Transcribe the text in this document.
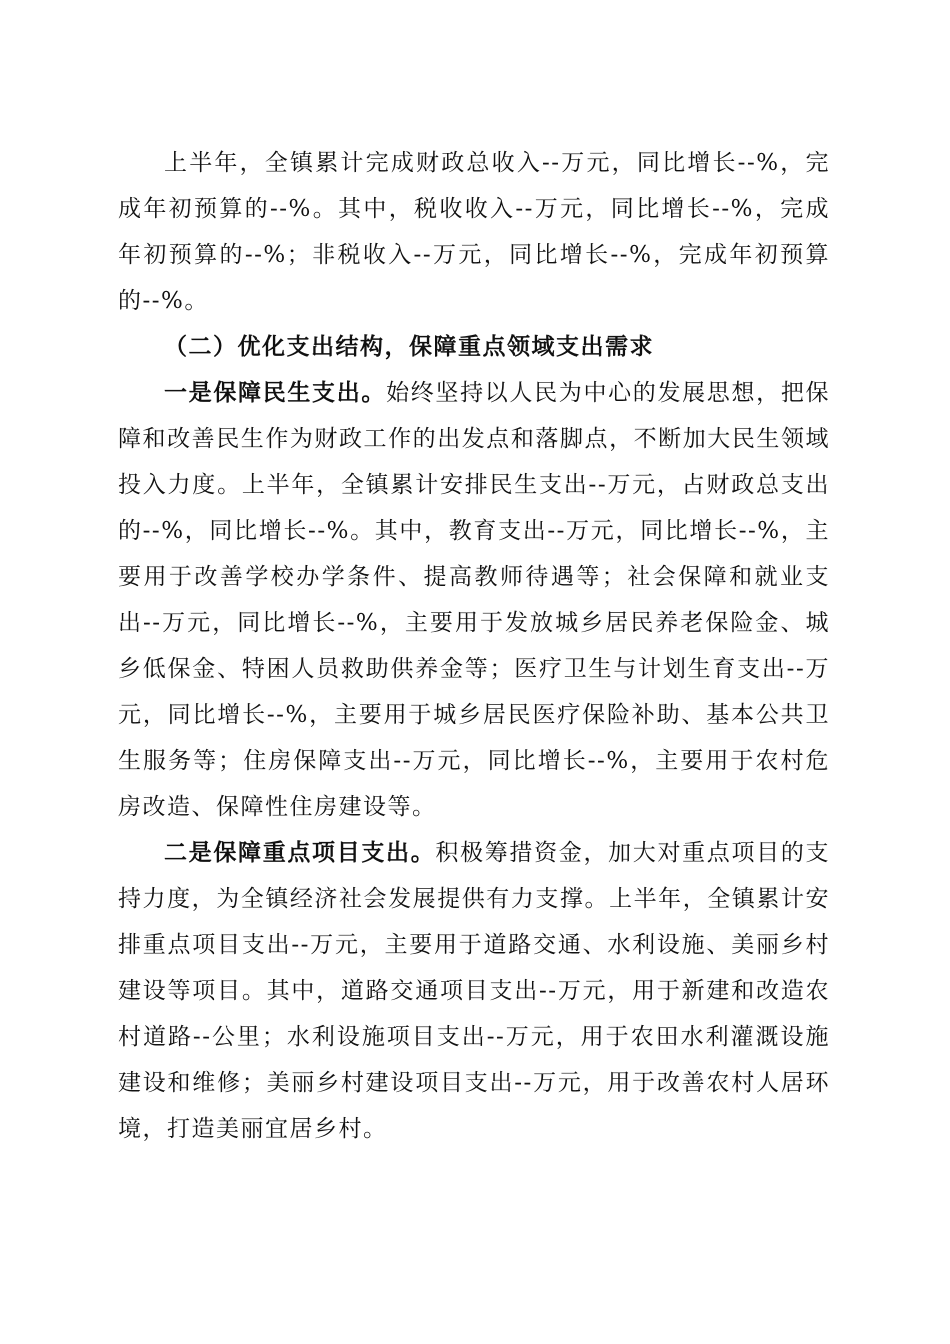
上半年，全镇累计完成财政总收入--万元，同比增长--%，完成年初预算的--%。其中，税收收入--万元，同比增长--%，完成年初预算的--%；非税收入--万元，同比增长--%，完成年初预算的--%。

（二）优化支出结构，保障重点领域支出需求

一是保障民生支出。始终坚持以人民为中心的发展思想，把保障和改善民生作为财政工作的出发点和落脚点，不断加大民生领域投入力度。上半年，全镇累计安排民生支出--万元，占财政总支出的--%，同比增长--%。其中，教育支出--万元，同比增长--%，主要用于改善学校办学条件、提高教师待遇等；社会保障和就业支出--万元，同比增长--%，主要用于发放城乡居民养老保险金、城乡低保金、特困人员救助供养金等；医疗卫生与计划生育支出--万元，同比增长--%，主要用于城乡居民医疗保险补助、基本公共卫生服务等；住房保障支出--万元，同比增长--%，主要用于农村危房改造、保障性住房建设等。

二是保障重点项目支出。积极筹措资金，加大对重点项目的支持力度，为全镇经济社会发展提供有力支撑。上半年，全镇累计安排重点项目支出--万元，主要用于道路交通、水利设施、美丽乡村建设等项目。其中，道路交通项目支出--万元，用于新建和改造农村道路--公里；水利设施项目支出--万元，用于农田水利灌溉设施建设和维修；美丽乡村建设项目支出--万元，用于改善农村人居环境，打造美丽宜居乡村。
